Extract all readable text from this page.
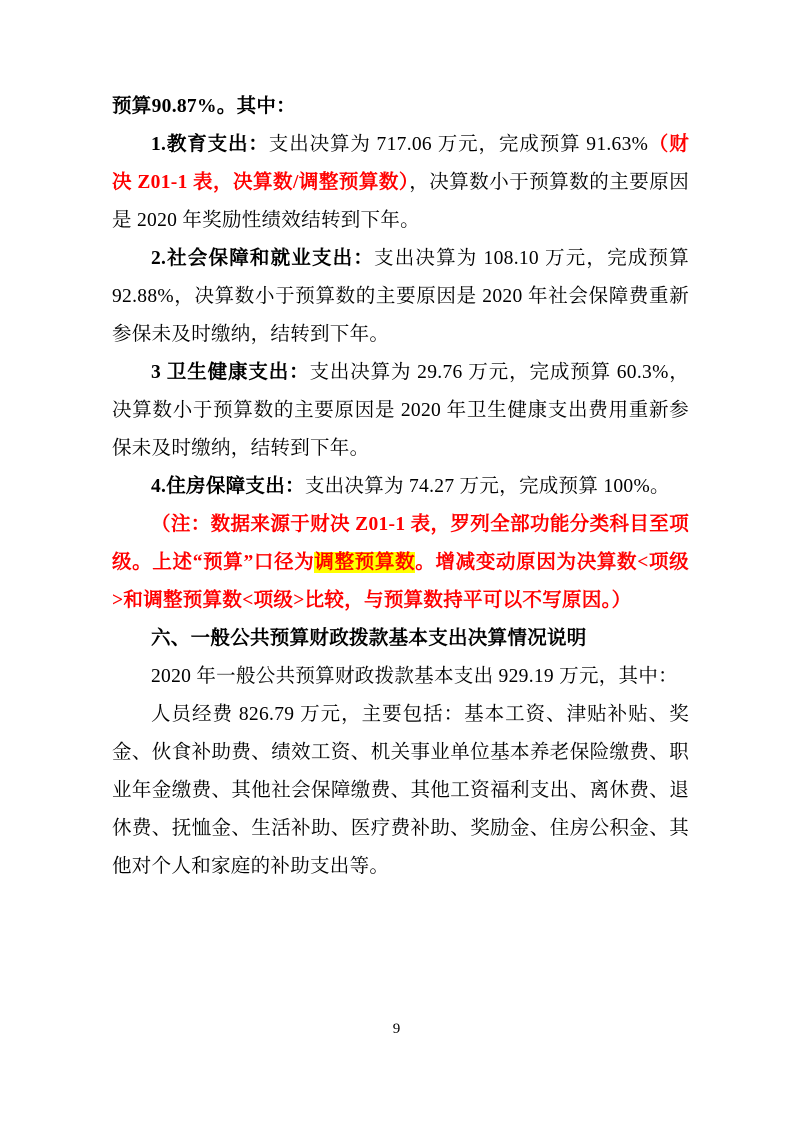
预算90.87%。其中：

1.教育支出：支出决算为 717.06 万元，完成预算 91.63%（财决 Z01-1 表，决算数/调整预算数），决算数小于预算数的主要原因是 2020 年奖励性绩效结转到下年。

2.社会保障和就业支出：支出决算为 108.10 万元，完成预算 92.88%，决算数小于预算数的主要原因是 2020 年社会保障费重新参保未及时缴纳，结转到下年。

3 卫生健康支出：支出决算为 29.76 万元，完成预算 60.3%，决算数小于预算数的主要原因是 2020 年卫生健康支出费用重新参保未及时缴纳，结转到下年。

4.住房保障支出：支出决算为 74.27 万元，完成预算 100%。

（注：数据来源于财决 Z01-1 表，罗列全部功能分类科目至项级。上述“预算”口径为调整预算数。增减变动原因为决算数<项级>和调整预算数<项级>比较，与预算数持平可以不写原因。）

六、一般公共预算财政拨款基本支出决算情况说明

2020 年一般公共预算财政拨款基本支出 929.19 万元，其中：

人员经费 826.79 万元，主要包括：基本工资、津贴补贴、奖金、伙食补助费、绩效工资、机关事业单位基本养老保险缴费、职业年金缴费、其他社会保障缴费、其他工资福利支出、离休费、退休费、抚恤金、生活补助、医疗费补助、奖励金、住房公积金、其他对个人和家庭的补助支出等。

9
